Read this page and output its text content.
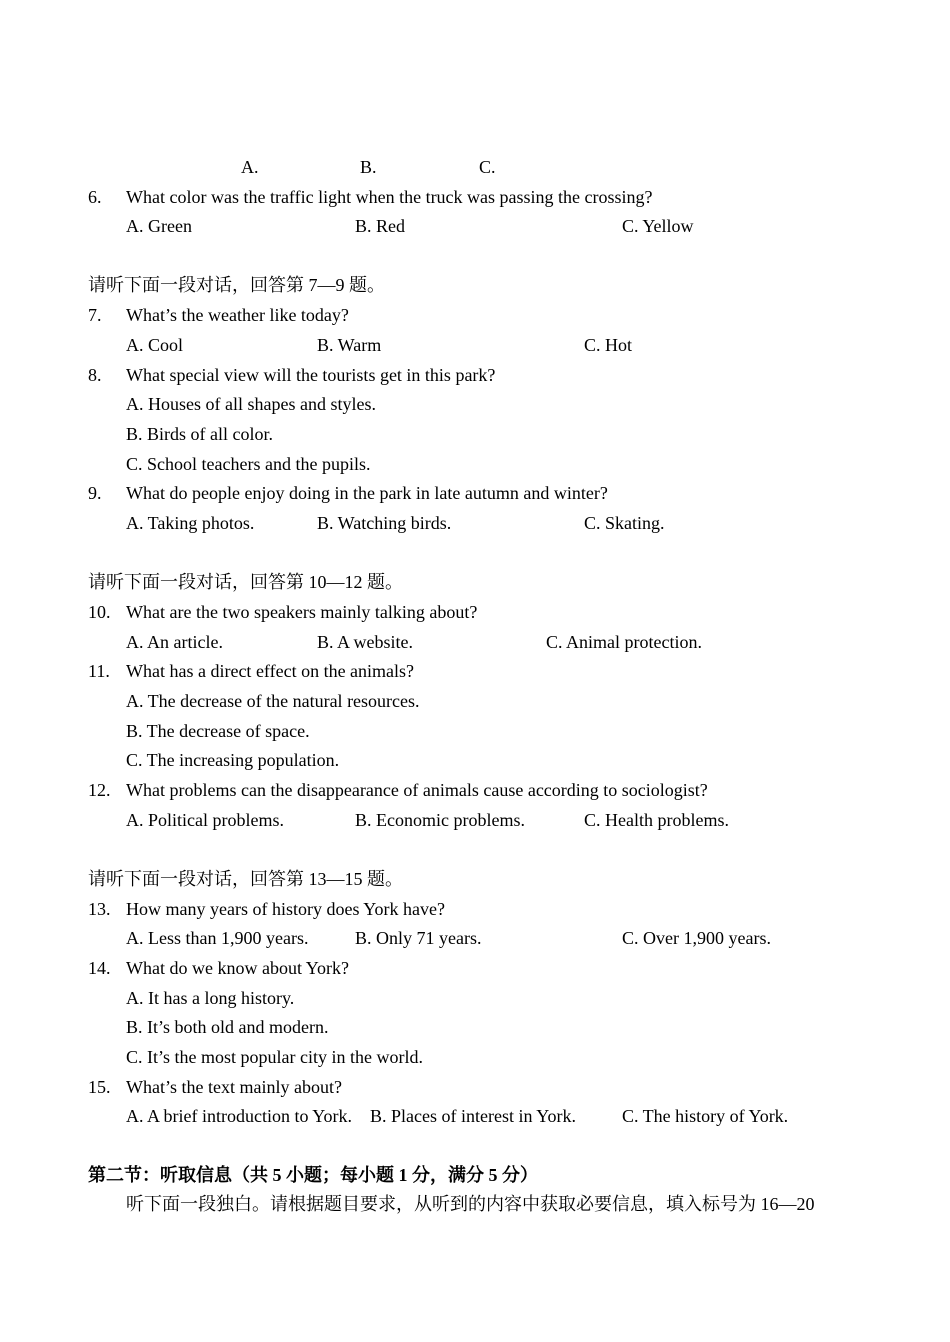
A.	B.	C.
6. What color was the traffic light when the truck was passing the crossing?
A. Green	B. Red	C. Yellow
请听下面一段对话，回答第 7—9 题。
7. What’s the weather like today?
A. Cool	B. Warm	C. Hot
8. What special view will the tourists get in this park?
A. Houses of all shapes and styles.
B. Birds of all color.
C. School teachers and the pupils.
9. What do people enjoy doing in the park in late autumn and winter?
A. Taking photos.	B. Watching birds.	C. Skating.
请听下面一段对话，回答第 10—12 题。
10. What are the two speakers mainly talking about?
A. An article.	B. A website.	C. Animal protection.
11. What has a direct effect on the animals?
A. The decrease of the natural resources.
B. The decrease of space.
C. The increasing population.
12. What problems can the disappearance of animals cause according to sociologist?
A. Political problems.	B. Economic problems.	C. Health problems.
请听下面一段对话，回答第 13—15 题。
13. How many years of history does York have?
A. Less than 1,900 years.	B. Only 71 years.	C. Over 1,900 years.
14. What do we know about York?
A. It has a long history.
B. It’s both old and modern.
C. It’s the most popular city in the world.
15. What’s the text mainly about?
A. A brief introduction to York. B. Places of interest in York.	C. The history of York.
第二节：听取信息（共 5 小题；每小题 1 分，满分 5 分）
听下面一段独白。请根据题目要求，从听到的内容中获取必要信息，填入标号为 16—20
